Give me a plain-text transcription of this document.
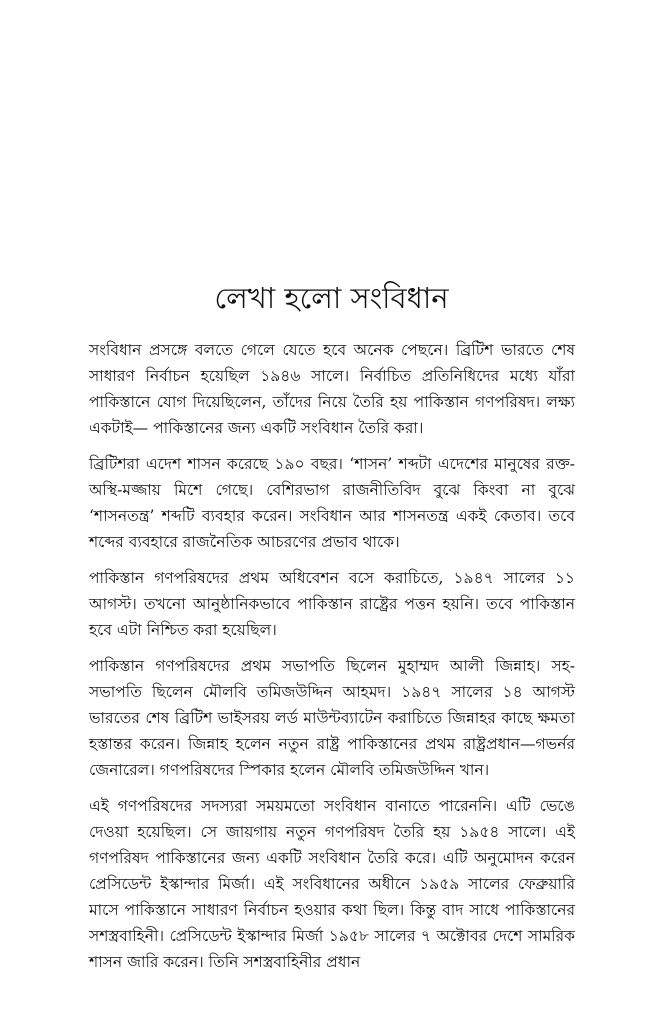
লেখা হলো সংবিধান

সংবিধান প্রসঙ্গে বলতে গেলে যেতে হবে অনেক পেছনে। ব্রিটিশ ভারতে শেষ সাধারণ নির্বাচন হয়েছিল ১৯৪৬ সালে। নির্বাচিত প্রতিনিধিদের মধ্যে যাঁরা পাকিস্তানে যোগ দিয়েছিলেন, তাঁদের নিয়ে তৈরি হয় পাকিস্তান গণপরিষদ। লক্ষ্য একটাই— পাকিস্তানের জন্য একটি সংবিধান তৈরি করা।

ব্রিটিশরা এদেশ শাসন করেছে ১৯০ বছর। ‘শাসন’ শব্দটা এদেশের মানুষের রক্ত-অস্থি-মজ্জায় মিশে গেছে। বেশিরভাগ রাজনীতিবিদ বুঝে কিংবা না বুঝে ‘শাসনতন্ত্র’ শব্দটি ব্যবহার করেন। সংবিধান আর শাসনতন্ত্র একই কেতাব। তবে শব্দের ব্যবহারে রাজনৈতিক আচরণের প্রভাব থাকে।

পাকিস্তান গণপরিষদের প্রথম অধিবেশন বসে করাচিতে, ১৯৪৭ সালের ১১ আগস্ট। তখনো আনুষ্ঠানিকভাবে পাকিস্তান রাষ্ট্রের পত্তন হয়নি। তবে পাকিস্তান হবে এটা নিশ্চিত করা হয়েছিল।

পাকিস্তান গণপরিষদের প্রথম সভাপতি ছিলেন মুহাম্মদ আলী জিন্নাহ। সহ-সভাপতি ছিলেন মৌলবি তমিজউদ্দিন আহমদ। ১৯৪৭ সালের ১৪ আগস্ট ভারতের শেষ ব্রিটিশ ভাইসরয় লর্ড মাউন্টব্যাটেন করাচিতে জিন্নাহর কাছে ক্ষমতা হস্তান্তর করেন। জিন্নাহ হলেন নতুন রাষ্ট্র পাকিস্তানের প্রথম রাষ্ট্রপ্রধান—গভর্নর জেনারেল। গণপরিষদের স্পিকার হলেন মৌলবি তমিজউদ্দিন খান।

এই গণপরিষদের সদস্যরা সময়মতো সংবিধান বানাতে পারেননি। এটি ভেঙে দেওয়া হয়েছিল। সে জায়গায় নতুন গণপরিষদ তৈরি হয় ১৯৫৪ সালে। এই গণপরিষদ পাকিস্তানের জন্য একটি সংবিধান তৈরি করে। এটি অনুমোদন করেন প্রেসিডেন্ট ইস্কান্দার মির্জা। এই সংবিধানের অধীনে ১৯৫৯ সালের ফেব্রুয়ারি মাসে পাকিস্তানে সাধারণ নির্বাচন হওয়ার কথা ছিল। কিন্তু বাদ সাধে পাকিস্তানের সশস্ত্রবাহিনী। প্রেসিডেন্ট ইস্কান্দার মির্জা ১৯৫৮ সালের ৭ অক্টোবর দেশে সামরিক শাসন জারি করেন। তিনি সশস্ত্রবাহিনীর প্রধান
